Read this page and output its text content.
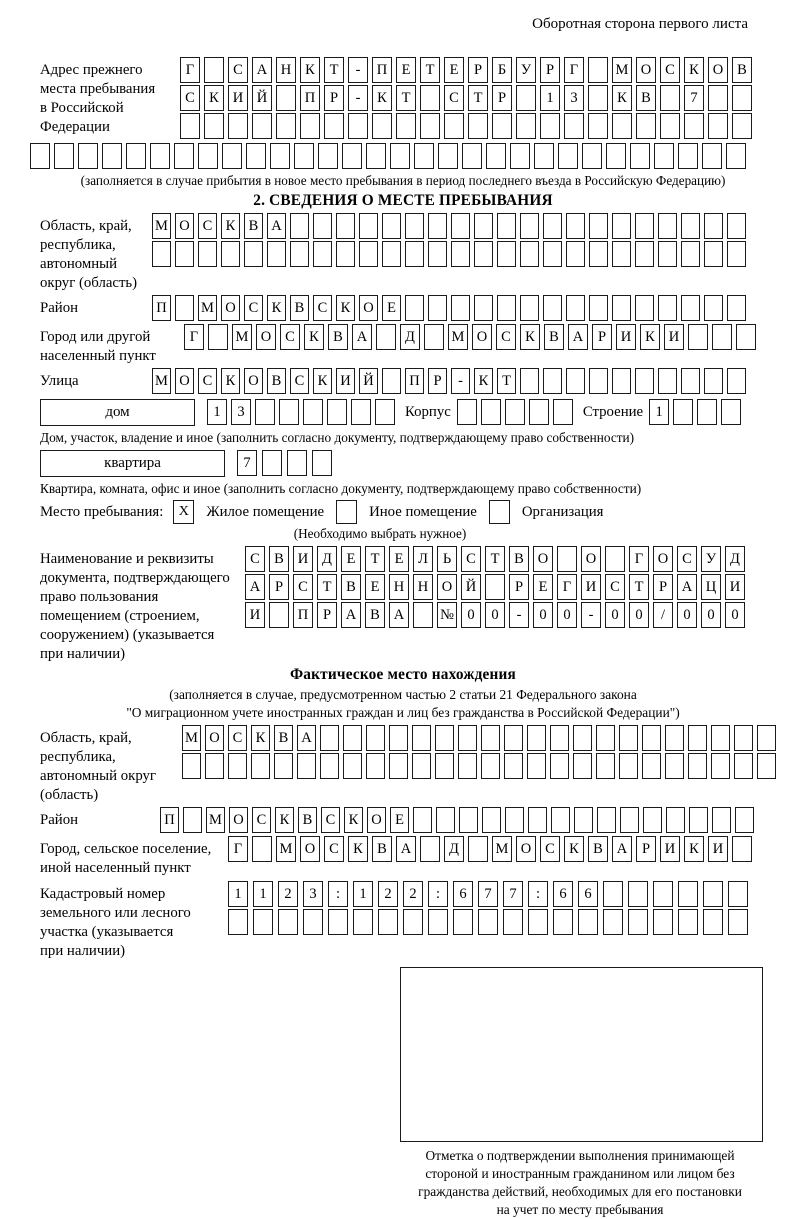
Оборотная сторона первого листа
Адрес прежнего
места пребывания
в Российской
Федерации
Г	С А Н К	Т	-	П Е	Т	Е	Р	Б	У	Р	Г	М О С К О В
С К И Й	П	Р	-	К	Т	С	Т	Р	1	3	К В	7
(заполняется в случае прибытия в новое место пребывания в период последнего въезда в Российскую Федерацию)
2. СВЕДЕНИЯ О МЕСТЕ ПРЕБЫВАНИЯ
Область, край,
республика,
автономный
округ (область)
М О С К В А
Район	П М О С К В С К О Е
Город или другой
населенный пункт
Г	М О С К В А	Д	М О С К В А	Р	И К И
Улица	М О С К О В С К И Й П Р	-	К Т
дом	1	3	Корпус	Строение 1
Дом, участок, владение и иное (заполнить согласно документу, подтверждающему право собственности)
квартира	7
Квартира, комната, офис и иное (заполнить согласно документу, подтверждающему право собственности)
Место пребывания:	X	Жилое помещение	Иное помещение	Организация
(Необходимо выбрать нужное)
Наименование и реквизиты
документа, подтверждающего
право пользования
помещением (строением,
сооружением) (указывается
при наличии)
С В И Д	Е	Т	Е	Л	Ь	С	Т	В О	О	Г	О С У Д
А	Р	С	Т	В	Е Н Н О Й	Р	Е	Г	И С	Т	Р	А Ц И
И	П	Р	А В А	№ 0	0	-	0	0	-	0	0	/	0	0	0
Фактическое место нахождения
(заполняется в случае, предусмотренном частью 2 статьи 21 Федерального закона
"О миграционном учете иностранных граждан и лиц без гражданства в Российской Федерации")
Область, край,
республика,
автономный округ
(область)
М О С К В А
Район	П М О С К В С К О Е
Город, сельское поселение,
иной населенный пункт
Г	М О С К В А	Д	М О С К В А	Р	И К И
Кадастровый номер
земельного или лесного
участка (указывается
при наличии)
1	1	2	3	:	1	2	2	:	6	7	7	:	6	6
Отметка о подтверждении выполнения принимающей
стороной и иностранным гражданином или лицом без
гражданства действий, необходимых для его постановки
на учет по месту пребывания
